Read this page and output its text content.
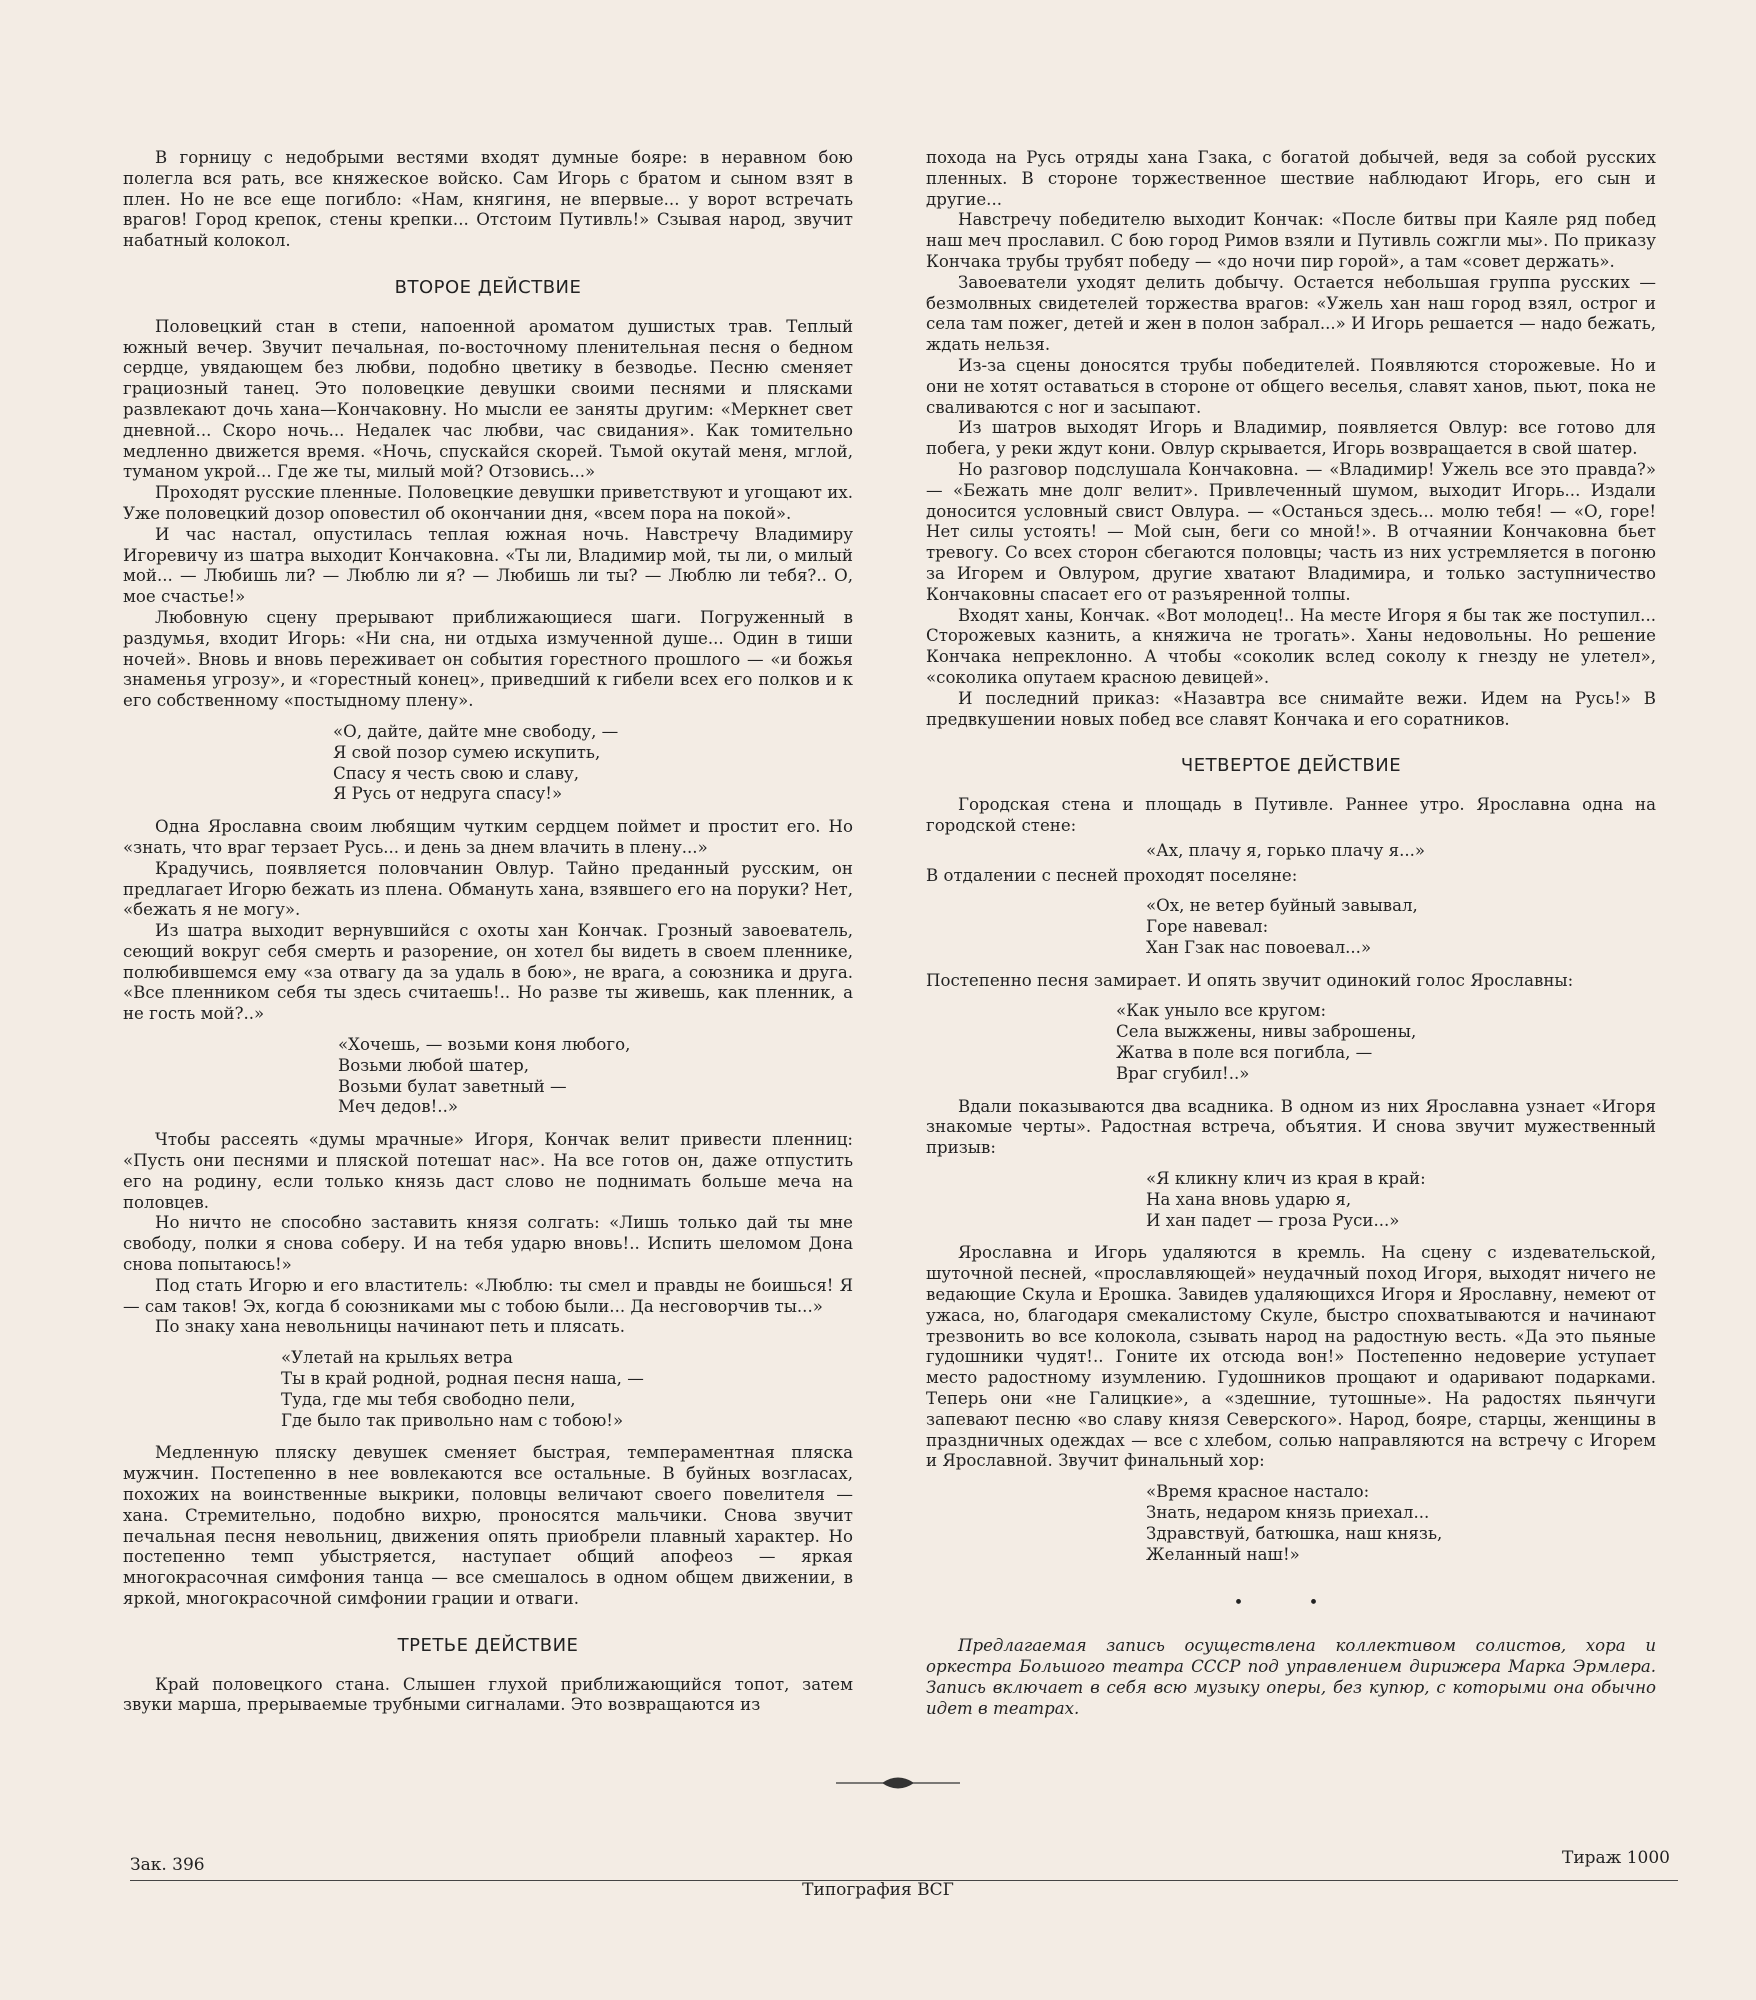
В горницу с недобрыми вестями входят думные бояре: в неравном бою полегла вся рать, все княжеское войско. Сам Игорь с братом и сыном взят в плен. Но не все еще погибло: «Нам, княгиня, не впервые... у ворот встречать врагов! Город крепок, стены крепки... Отстоим Путивль!» Сзывая народ, звучит набатный колокол.

ВТОРОЕ ДЕЙСТВИЕ

Половецкий стан в степи, напоенной ароматом душистых трав. Теплый южный вечер. Звучит печальная, по-восточному пленительная песня о бедном сердце, увядающем без любви, подобно цветику в безводье. Песню сменяет грациозный танец. Это половецкие девушки своими песнями и плясками развлекают дочь хана—Кончаковну. Но мысли ее заняты другим: «Меркнет свет дневной... Скоро ночь... Недалек час любви, час свидания». Как томительно медленно движется время. «Ночь, спускайся скорей. Тьмой окутай меня, мглой, туманом укрой... Где же ты, милый мой? Отзовись...»

Проходят русские пленные. Половецкие девушки приветствуют и угощают их. Уже половецкий дозор оповестил об окончании дня, «всем пора на покой».

И час настал, опустилась теплая южная ночь. Навстречу Владимиру Игоревичу из шатра выходит Кончаковна. «Ты ли, Владимир мой, ты ли, о милый мой... — Любишь ли? — Люблю ли я? — Любишь ли ты? — Люблю ли тебя?.. О, мое счастье!»

Любовную сцену прерывают приближающиеся шаги. Погруженный в раздумья, входит Игорь: «Ни сна, ни отдыха измученной душе... Один в тиши ночей». Вновь и вновь переживает он события горестного прошлого — «и божья знаменья угрозу», и «горестный конец», приведший к гибели всех его полков и к его собственному «постыдному плену».

«О, дайте, дайте мне свободу, —
Я свой позор сумею искупить,
Спасу я честь свою и славу,
Я Русь от недруга спасу!»

Одна Ярославна своим любящим чутким сердцем поймет и простит его. Но «знать, что враг терзает Русь... и день за днем влачить в плену...»

Крадучись, появляется половчанин Овлур. Тайно преданный русским, он предлагает Игорю бежать из плена. Обмануть хана, взявшего его на поруки? Нет, «бежать я не могу».

Из шатра выходит вернувшийся с охоты хан Кончак. Грозный завоеватель, сеющий вокруг себя смерть и разорение, он хотел бы видеть в своем пленнике, полюбившемся ему «за отвагу да за удаль в бою», не врага, а союзника и друга. «Все пленником себя ты здесь считаешь!.. Но разве ты живешь, как пленник, а не гость мой?..»

«Хочешь, — возьми коня любого,
Возьми любой шатер,
Возьми булат заветный —
Меч дедов!..»

Чтобы рассеять «думы мрачные» Игоря, Кончак велит привести пленниц: «Пусть они песнями и пляской потешат нас». На все готов он, даже отпустить его на родину, если только князь даст слово не поднимать больше меча на половцев.

Но ничто не способно заставить князя солгать: «Лишь только дай ты мне свободу, полки я снова соберу. И на тебя ударю вновь!.. Испить шеломом Дона снова попытаюсь!»

Под стать Игорю и его властитель: «Люблю: ты смел и правды не боишься! Я — сам таков! Эх, когда б союзниками мы с тобою были... Да несговорчив ты...»

По знаку хана невольницы начинают петь и плясать.

«Улетай на крыльях ветра
Ты в край родной, родная песня наша, —
Туда, где мы тебя свободно пели,
Где было так привольно нам с тобою!»

Медленную пляску девушек сменяет быстрая, темпераментная пляска мужчин. Постепенно в нее вовлекаются все остальные. В буйных возгласах, похожих на воинственные выкрики, половцы величают своего повелителя — хана. Стремительно, подобно вихрю, проносятся мальчики. Снова звучит печальная песня невольниц, движения опять приобрели плавный характер. Но постепенно темп убыстряется, наступает общий апофеоз — яркая многокрасочная симфония танца — все смешалось в одном общем движении, в яркой, многокрасочной симфонии грации и отваги.

ТРЕТЬЕ ДЕЙСТВИЕ

Край половецкого стана. Слышен глухой приближающийся топот, затем звуки марша, прерываемые трубными сигналами. Это возвращаются из

похода на Русь отряды хана Гзака, с богатой добычей, ведя за собой русских пленных. В стороне торжественное шествие наблюдают Игорь, его сын и другие...

Навстречу победителю выходит Кончак: «После битвы при Каяле ряд побед наш меч прославил. С бою город Римов взяли и Путивль сожгли мы». По приказу Кончака трубы трубят победу — «до ночи пир горой», а там «совет держать».

Завоеватели уходят делить добычу. Остается небольшая группа русских — безмолвных свидетелей торжества врагов: «Ужель хан наш город взял, острог и села там пожег, детей и жен в полон забрал...» И Игорь решается — надо бежать, ждать нельзя.

Из-за сцены доносятся трубы победителей. Появляются сторожевые. Но и они не хотят оставаться в стороне от общего веселья, славят ханов, пьют, пока не сваливаются с ног и засыпают.

Из шатров выходят Игорь и Владимир, появляется Овлур: все готово для побега, у реки ждут кони. Овлур скрывается, Игорь возвращается в свой шатер.

Но разговор подслушала Кончаковна. — «Владимир! Ужель все это правда?» — «Бежать мне долг велит». Привлеченный шумом, выходит Игорь... Издали доносится условный свист Овлура. — «Останься здесь... молю тебя! — «О, горе! Нет силы устоять! — Мой сын, беги со мной!». В отчаянии Кончаковна бьет тревогу. Со всех сторон сбегаются половцы; часть из них устремляется в погоню за Игорем и Овлуром, другие хватают Владимира, и только заступничество Кончаковны спасает его от разъяренной толпы.

Входят ханы, Кончак. «Вот молодец!.. На месте Игоря я бы так же поступил... Сторожевых казнить, а княжича не трогать». Ханы недовольны. Но решение Кончака непреклонно. А чтобы «соколик вслед соколу к гнезду не улетел», «соколика опутаем красною девицей».

И последний приказ: «Назавтра все снимайте вежи. Идем на Русь!» В предвкушении новых побед все славят Кончака и его соратников.

ЧЕТВЕРТОЕ ДЕЙСТВИЕ

Городская стена и площадь в Путивле. Раннее утро. Ярославна одна на городской стене:

«Ах, плачу я, горько плачу я...»

В отдалении с песней проходят поселяне:

«Ох, не ветер буйный завывал,
Горе навевал:
Хан Гзак нас повоевал...»

Постепенно песня замирает. И опять звучит одинокий голос Ярославны:

«Как уныло все кругом:
Села выжжены, нивы заброшены,
Жатва в поле вся погибла, —
Враг сгубил!..»

Вдали показываются два всадника. В одном из них Ярославна узнает «Игоря знакомые черты». Радостная встреча, объятия. И снова звучит мужественный призыв:

«Я кликну клич из края в край:
На хана вновь ударю я,
И хан падет — гроза Руси...»

Ярославна и Игорь удаляются в кремль. На сцену с издевательской, шуточной песней, «прославляющей» неудачный поход Игоря, выходят ничего не ведающие Скула и Ерошка. Завидев удаляющихся Игоря и Ярославну, немеют от ужаса, но, благодаря смекалистому Скуле, быстро спохватываются и начинают трезвонить во все колокола, сзывать народ на радостную весть. «Да это пьяные гудошники чудят!.. Гоните их отсюда вон!» Постепенно недоверие уступает место радостному изумлению. Гудошников прощают и одаривают подарками. Теперь они «не Галицкие», а «здешние, тутошные». На радостях пьянчуги запевают песню «во славу князя Северского». Народ, бояре, старцы, женщины в праздничных одеждах — все с хлебом, солью направляются на встречу с Игорем и Ярославной. Звучит финальный хор:

«Время красное настало:
Знать, недаром князь приехал...
Здравствуй, батюшка, наш князь,
Желанный наш!»
• •

Предлагаемая запись осуществлена коллективом солистов, хора и оркестра Большого театра СССР под управлением дирижера Марка Эрмлера. Запись включает в себя всю музыку оперы, без купюр, с которыми она обычно идет в театрах.

Зак. 396	Тираж 1000
Типография ВСГ
